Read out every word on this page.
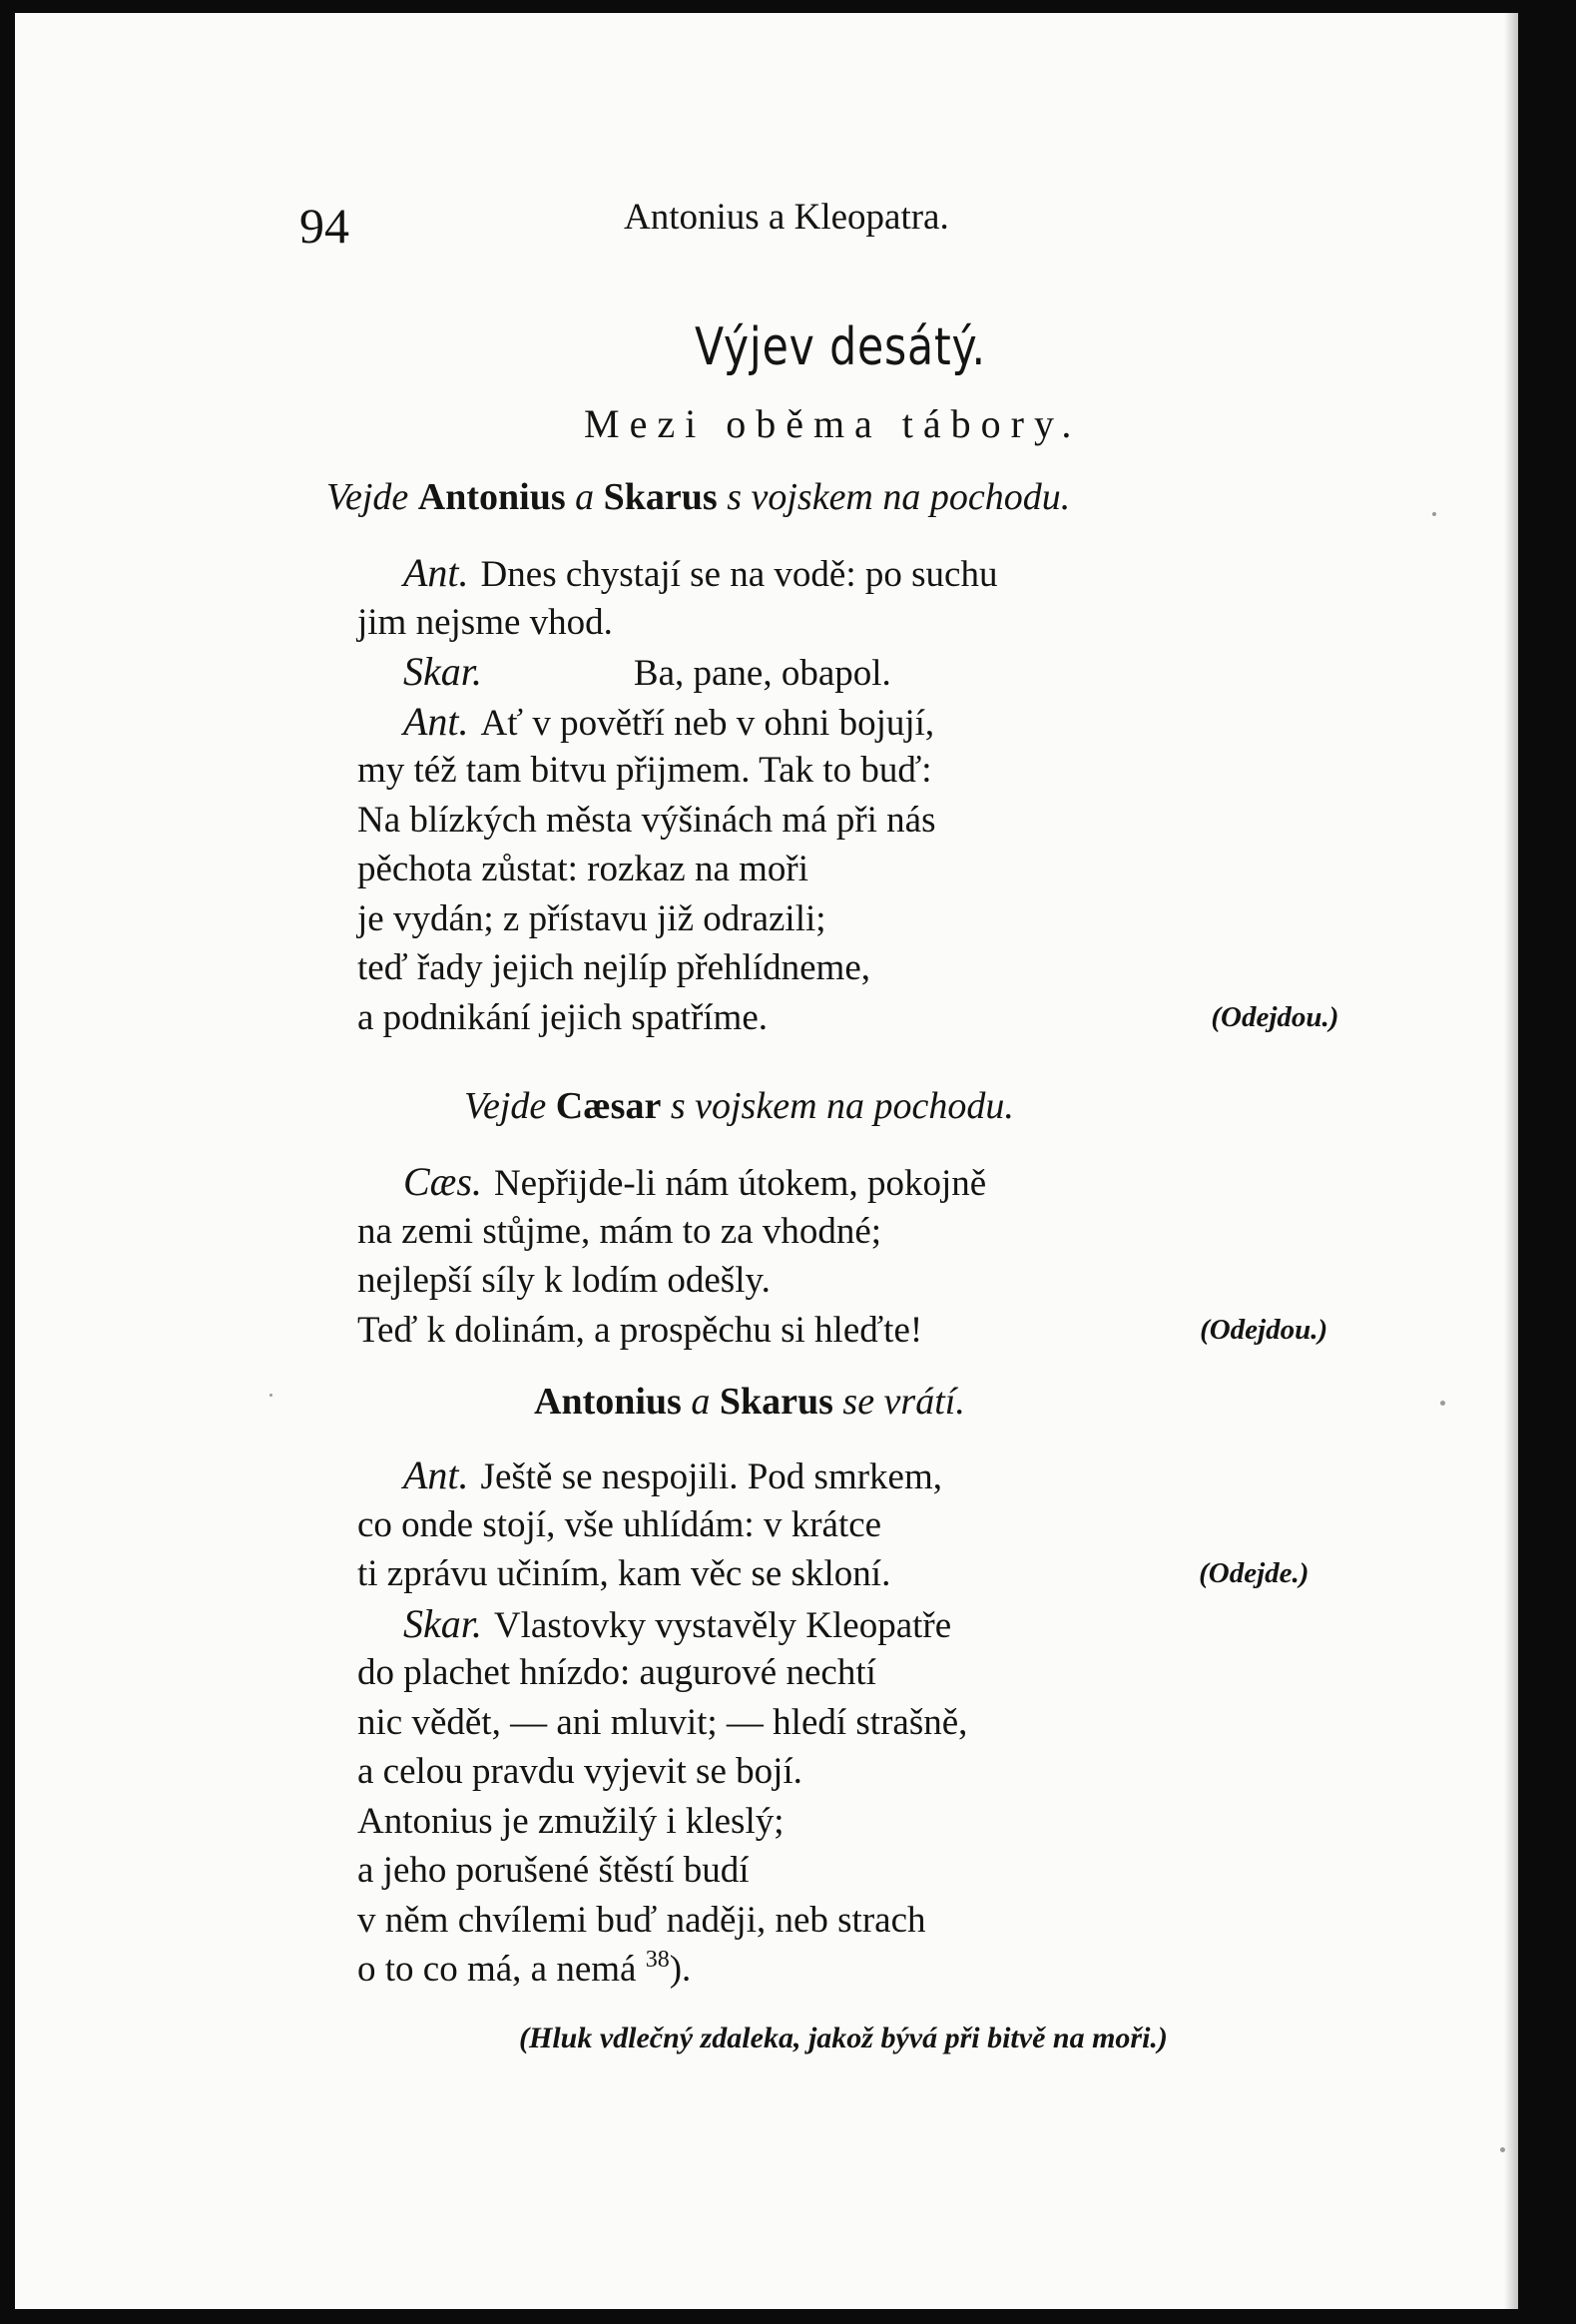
94	Antonius a Kleopatra.
Výjev desátý.
Mezi oběma tábory.
Vejde Antonius a Skarus s vojskem na pochodu.
Ant. Dnes chystají se na vodě: po suchu
jim nejsme vhod.
Skar.	Ba, pane, obapol.
Ant. Ať v povětří neb v ohni bojují,
my též tam bitvu přijmem. Tak to buď:
Na blízkých města výšinách má při nás
pěchota zůstat: rozkaz na moři
je vydán; z přístavu již odrazili;
teď řady jejich nejlíp přehlídneme,
a podnikání jejich spatříme.	(Odejdou.)
Vejde Cæsar s vojskem na pochodu.
Cæs. Nepřijde-li nám útokem, pokojně
na zemi stůjme, mám to za vhodné;
nejlepší síly k lodím odešly.
Teď k dolinám, a prospěchu si hleďte!	(Odejdou.)
Antonius a Skarus se vrátí.
Ant. Ještě se nespojili. Pod smrkem,
co onde stojí, vše uhlídám: v krátce
ti zprávu učiním, kam věc se skloní.	(Odejde.)
Skar. Vlastovky vystavěly Kleopatře
do plachet hnízdo: augurové nechtí
nic vědět, — ani mluvit; — hledí strašně,
a celou pravdu vyjevit se bojí.
Antonius je zmužilý i kleslý;
a jeho porušené štěstí budí
v něm chvílemi buď naději, neb strach
o to co má, a nemá $^{38}$).
(Hluk vdlečný zdaleka, jakož bývá při bitvě na moři.)
